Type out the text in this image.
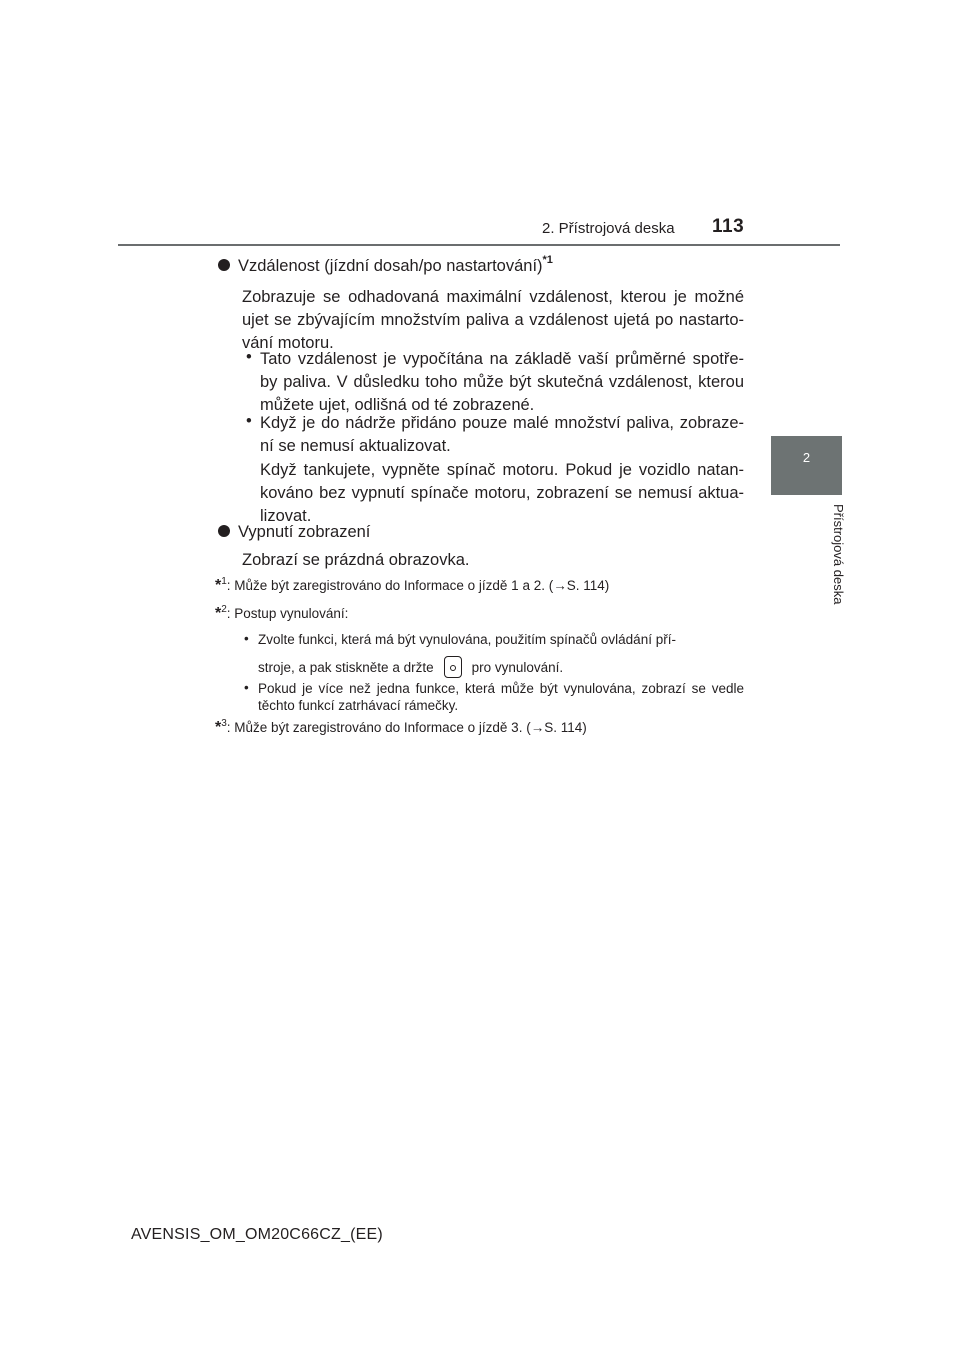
2. Přístrojová deska 113
2
Přístrojová deska
Vzdálenost (jízdní dosah/po nastartování)$^{*1}$
Zobrazuje se odhadovaná maximální vzdálenost, kterou je možné ujet se zbývajícím množstvím paliva a vzdálenost ujetá po nastarto-vání motoru.
• Tato vzdálenost je vypočítána na základě vaší průměrné spotře-by paliva. V důsledku toho může být skutečná vzdálenost, kterou můžete ujet, odlišná od té zobrazené.
• Když je do nádrže přidáno pouze malé množství paliva, zobraze-ní se nemusí aktualizovat.
Když tankujete, vypněte spínač motoru. Pokud je vozidlo natan-kováno bez vypnutí spínače motoru, zobrazení se nemusí aktua-lizovat.
Vypnutí zobrazení
Zobrazí se prázdná obrazovka.
*$^1$: Může být zaregistrováno do Informace o jízdě 1 a 2. (→S. 114)
*$^2$: Postup vynulování:
• Zvolte funkci, která má být vynulována, použitím spínačů ovládání pří-
stroje, a pak stiskněte a držte	pro vynulování.
• Pokud je více než jedna funkce, která může být vynulována, zobrazí se vedle těchto funkcí zatrhávací rámečky.
*$^3$: Může být zaregistrováno do Informace o jízdě 3. (→S. 114)
AVENSIS_OM_OM20C66CZ_(EE)
